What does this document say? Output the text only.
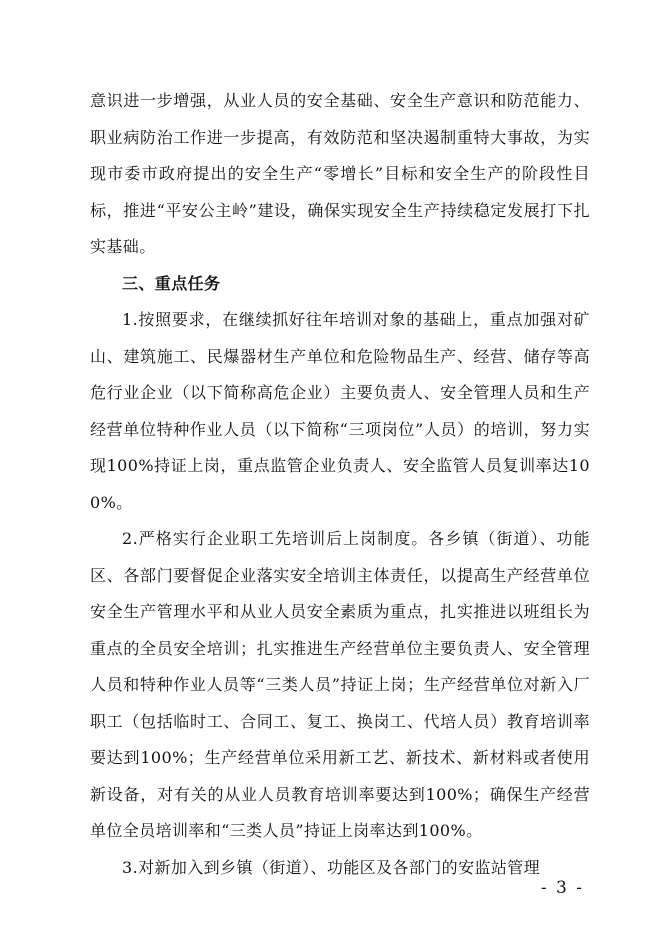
意识进一步增强，从业人员的安全基础、安全生产意识和防范能力、职业病防治工作进一步提高，有效防范和坚决遏制重特大事故，为实现市委市政府提出的安全生产“零增长”目标和安全生产的阶段性目标，推进“平安公主岭”建设，确保实现安全生产持续稳定发展打下扎实基础。

三、重点任务

1.按照要求，在继续抓好往年培训对象的基础上，重点加强对矿山、建筑施工、民爆器材生产单位和危险物品生产、经营、储存等高危行业企业（以下简称高危企业）主要负责人、安全管理人员和生产经营单位特种作业人员（以下简称“三项岗位”人员）的培训，努力实现100%持证上岗，重点监管企业负责人、安全监管人员复训率达100%。

2.严格实行企业职工先培训后上岗制度。各乡镇（街道）、功能区、各部门要督促企业落实安全培训主体责任，以提高生产经营单位安全生产管理水平和从业人员安全素质为重点，扎实推进以班组长为重点的全员安全培训；扎实推进生产经营单位主要负责人、安全管理人员和特种作业人员等“三类人员”持证上岗；生产经营单位对新入厂职工（包括临时工、合同工、复工、换岗工、代培人员）教育培训率要达到100%；生产经营单位采用新工艺、新技术、新材料或者使用新设备，对有关的从业人员教育培训率要达到100%；确保生产经营单位全员培训率和“三类人员”持证上岗率达到100%。

3.对新加入到乡镇（街道）、功能区及各部门的安监站管理

- 3 -
